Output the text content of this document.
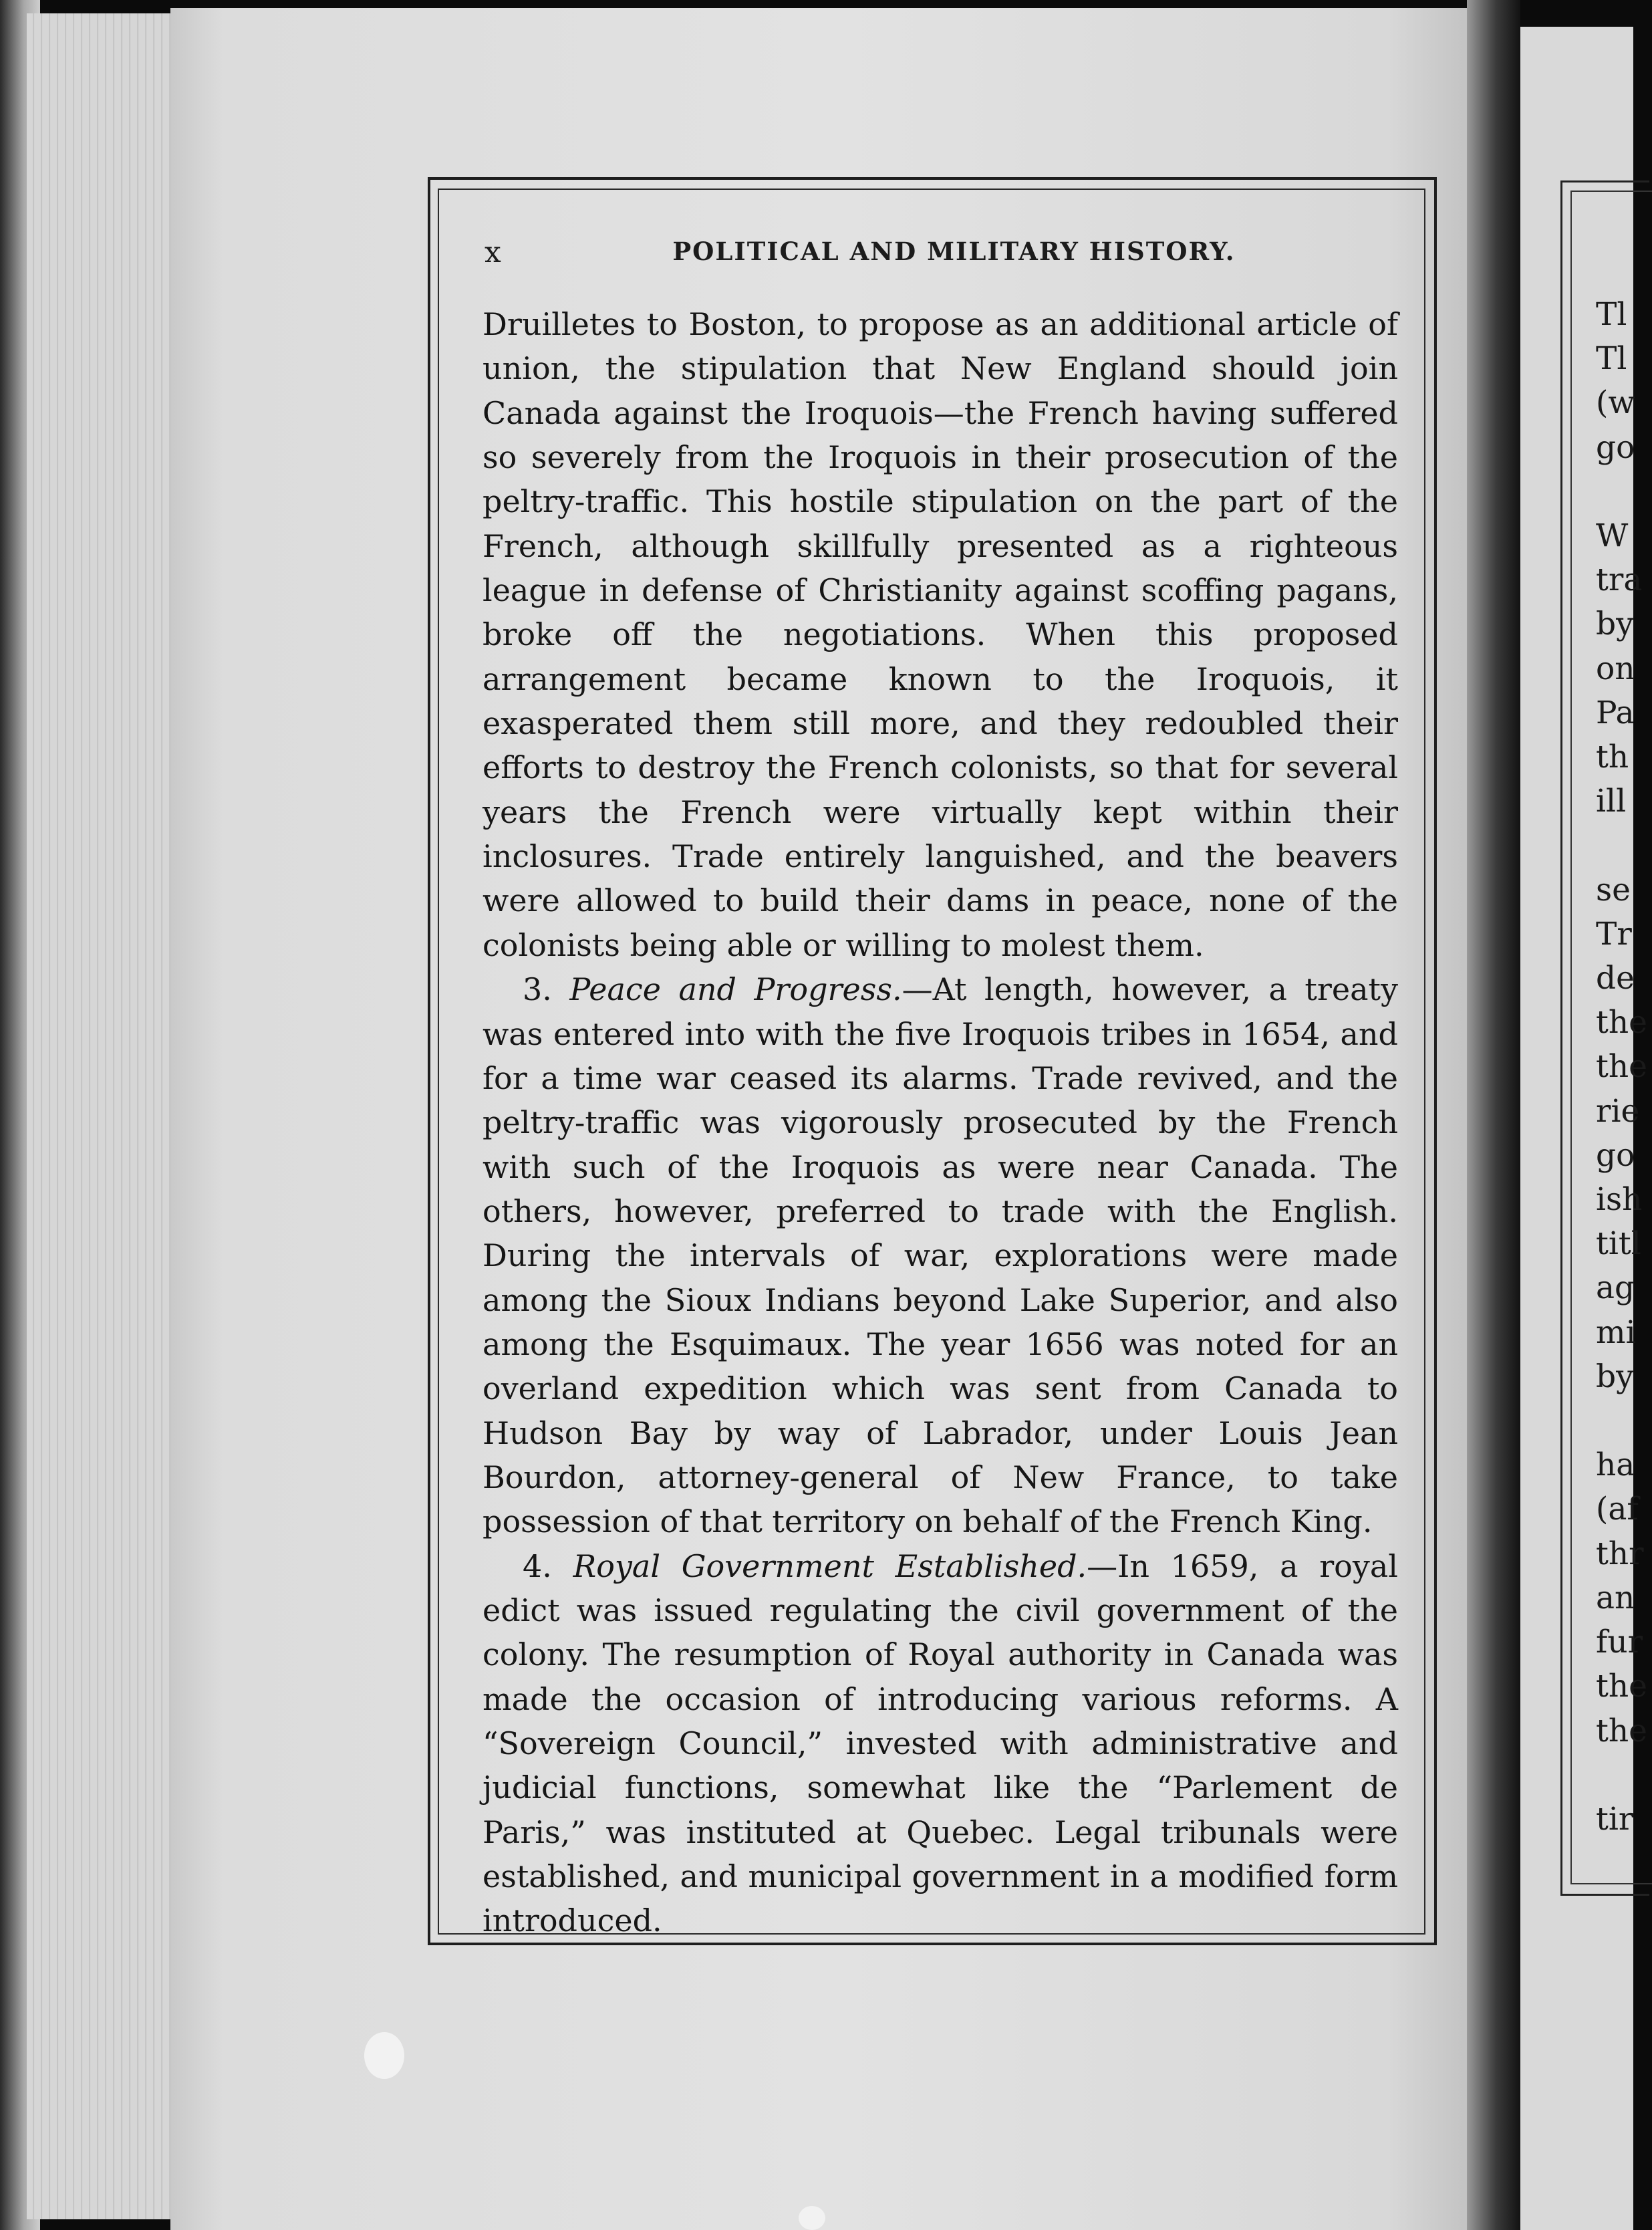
Tl
Tl
(w
go

W
tra
by
on
Pa
th
ill

se
Tr
de
the
the
rie
go
ish
titl
ag
mi
by

ha
(af
thr
an
fur
the
the

tir
x	POLITICAL AND MILITARY HISTORY.

Druilletes to Boston, to propose as an additional article of union, the stipulation that New England should join Canada against the Iroquois—the French having suffered so severely from the Iroquois in their prosecution of the peltry-traffic. This hostile stipulation on the part of the French, although skillfully presented as a righteous league in defense of Christianity against scoffing pagans, broke off the negotiations. When this proposed arrangement became known to the Iroquois, it exasperated them still more, and they redoubled their efforts to destroy the French colonists, so that for several years the French were virtually kept within their inclosures. Trade entirely languished, and the beavers were allowed to build their dams in peace, none of the colonists being able or willing to molest them.

3. Peace and Progress.—At length, however, a treaty was entered into with the five Iroquois tribes in 1654, and for a time war ceased its alarms. Trade revived, and the peltry-traffic was vigorously prosecuted by the French with such of the Iroquois as were near Canada. The others, however, preferred to trade with the English. During the intervals of war, explorations were made among the Sioux Indians beyond Lake Superior, and also among the Esquimaux. The year 1656 was noted for an overland expedition which was sent from Canada to Hudson Bay by way of Labrador, under Louis Jean Bourdon, attorney-general of New France, to take possession of that territory on behalf of the French King.

4. Royal Government Established.—In 1659, a royal edict was issued regulating the civil government of the colony. The resumption of Royal authority in Canada was made the occasion of introducing various reforms. A “Sovereign Council,” invested with administrative and judicial functions, somewhat like the “Parlement de Paris,” was instituted at Quebec. Legal tribunals were established, and municipal government in a modified form introduced.
